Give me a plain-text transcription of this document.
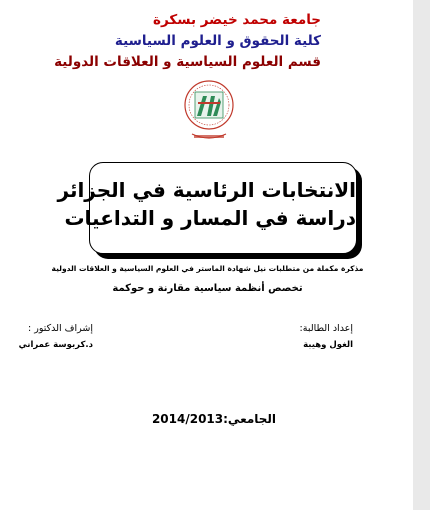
جامعة محمد خيضر بسكرة
كلية الحقوق و العلوم السياسية
قسم العلوم السياسية و العلاقات الدولية
الانتخابات الرئاسية في الجزائر
دراسة في المسار و التداعيات
مذكرة مكملة من متطلبات نيل شهادة الماستر في العلوم السياسية و العلاقات الدولية
تخصص أنظمة سياسية مقارنة و حوكمة
إعداد الطالبة:
الغول وهيبة
إشراف الدكتور :
د.كربوسة عمراني
الجامعي:2014/2013
